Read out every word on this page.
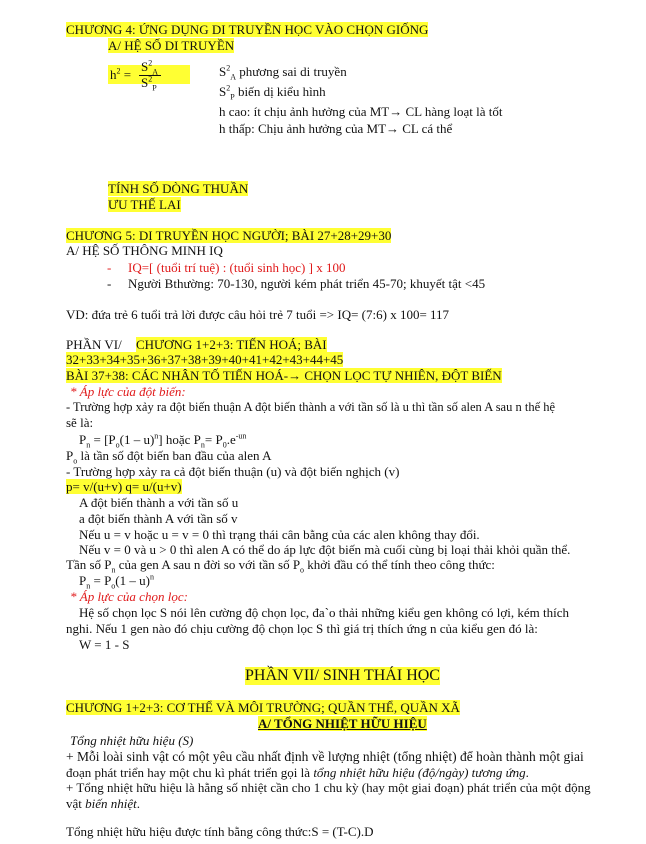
CHƯƠNG 4: ỨNG DỤNG DI TRUYỀN HỌC VÀO CHỌN GIỐNG
A/ HỆ SỐ DI TRUYỀN
$h^2$ =
$S^2_A$
$S^2_P$
$S^2_A$ phương sai di truyền
$S^2_P$ biến dị kiểu hình
h cao: ít chịu ảnh hưởng của MT→ CL hàng loạt là tốt
h thấp: Chịu ảnh hưởng của MT→ CL cá thể
TÍNH SỐ DÒNG THUẦN
ƯU THẾ LAI
CHƯƠNG 5: DI TRUYỀN HỌC NGƯỜI; BÀI 27+28+29+30
A/ HỆ SỐ THÔNG MINH IQ
- IQ=[ (tuổi trí tuệ) : (tuổi sinh học) ] x 100
- Người Bthường: 70-130, người kém phát triển 45-70; khuyết tật <45
VD: đứa trẻ 6 tuổi trả lời được câu hỏi trẻ 7 tuổi => IQ= (7:6) x 100= 117
PHẦN VI/ CHƯƠNG 1+2+3: TIẾN HOÁ; BÀI
32+33+34+35+36+37+38+39+40+41+42+43+44+45
BÀI 37+38: CÁC NHÂN TỐ TIẾN HOÁ-→ CHỌN LỌC TỰ NHIÊN, ĐỘT BIẾN
* Áp lực của đột biến:
- Trường hợp xảy ra đột biến thuận A đột biến thành a với tần số là u thì tần số alen A sau n thế hệ
sẽ là:
$P_n = [P_o(1 - u)^n]$ hoặc $P_n= P_0.e^{-un}$
$P_o$ là tần số đột biến ban đầu của alen A
- Trường hợp xảy ra cả đột biến thuận (u) và đột biến nghịch (v)
p= v/(u+v) q= u/(u+v)
A đột biến thành a với tần số u
a đột biến thành A với tần số v
Nếu u = v hoặc u = v = 0 thì trạng thái cân bằng của các alen không thay đổi.
Nếu v = 0 và u > 0 thì alen A có thể do áp lực đột biến mà cuối cùng bị loại thải khỏi quần thể.
Tần số $P_n$ của gen A sau n đời so với tần số $P_o$ khởi đầu có thể tính theo công thức:
$P_n = P_o(1 - u)^n$
* Áp lực của chọn lọc:
Hệ số chọn lọc S nói lên cường độ chọn lọc, đa`o thải những kiểu gen không có lợi, kém thích
nghi. Nếu 1 gen nào đó chịu cường độ chọn lọc S thì giá trị thích ứng n của kiểu gen đó là:
W = 1 - S
PHẦN VII/ SINH THÁI HỌC
CHƯƠNG 1+2+3: CƠ THỂ VÀ MÔI TRƯỜNG; QUẦN THỂ, QUẦN XÃ
A/ TỔNG NHIỆT HỮU HIỆU
Tổng nhiệt hữu hiệu (S)
+ Mỗi loài sinh vật có một yêu cầu nhất định về lượng nhiệt (tổng nhiệt) để hoàn thành một giai
đoạn phát triển hay một chu kì phát triển gọi là tổng nhiệt hữu hiệu (độ/ngày) tương ứng.
+ Tổng nhiệt hữu hiệu là hằng số nhiệt cần cho 1 chu kỳ (hay một giai đoạn) phát triển của một động
vật biến nhiệt.
Tổng nhiệt hữu hiệu được tính bằng công thức:S = (T-C).D
